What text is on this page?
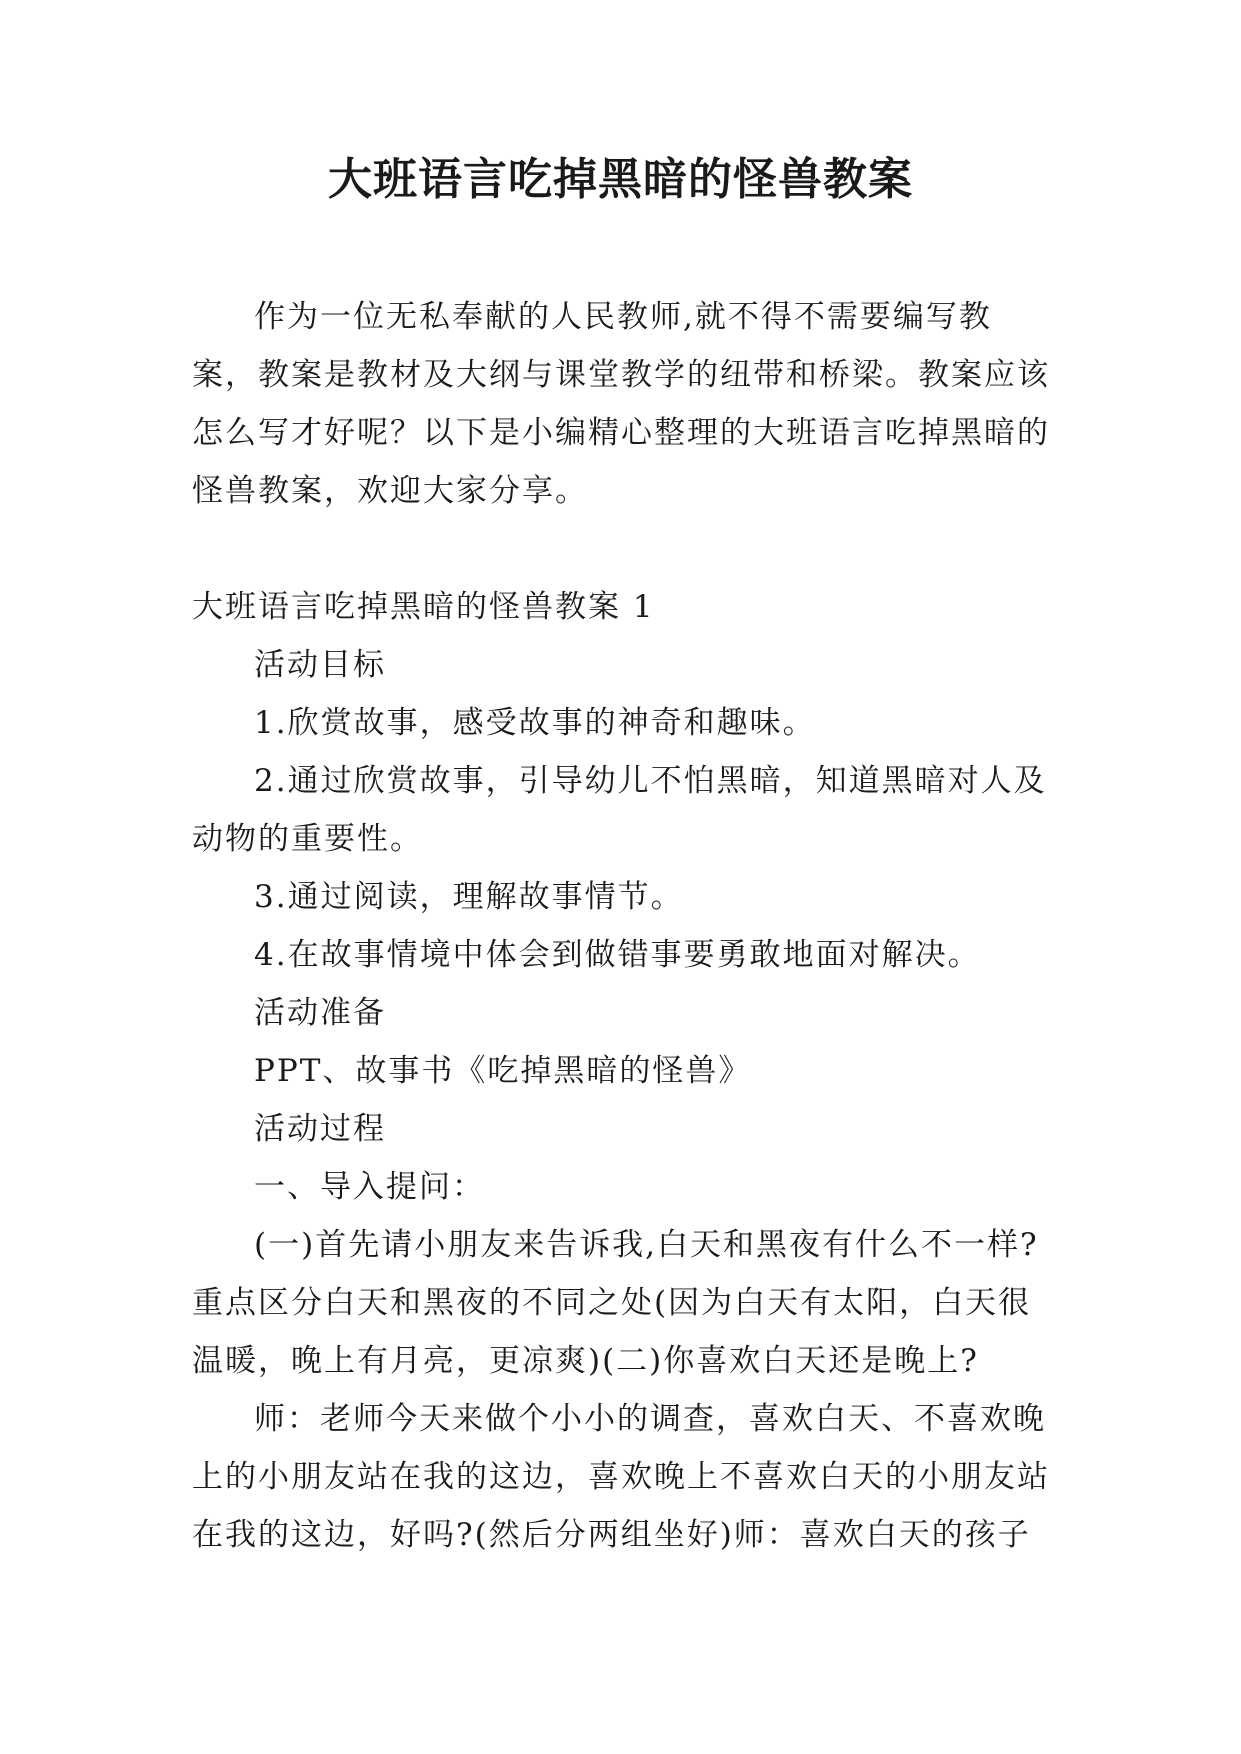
大班语言吃掉黑暗的怪兽教案

作为一位无私奉献的人民教师,就不得不需要编写教案，教案是教材及大纲与课堂教学的纽带和桥梁。教案应该怎么写才好呢？以下是小编精心整理的大班语言吃掉黑暗的怪兽教案，欢迎大家分享。

大班语言吃掉黑暗的怪兽教案 1

活动目标

1.欣赏故事，感受故事的神奇和趣味。

2.通过欣赏故事，引导幼儿不怕黑暗，知道黑暗对人及动物的重要性。

3.通过阅读，理解故事情节。

4.在故事情境中体会到做错事要勇敢地面对解决。

活动准备

PPT、故事书《吃掉黑暗的怪兽》

活动过程

一、导入提问：

(一)首先请小朋友来告诉我,白天和黑夜有什么不一样?重点区分白天和黑夜的不同之处(因为白天有太阳，白天很温暖，晚上有月亮，更凉爽)(二)你喜欢白天还是晚上?

师：老师今天来做个小小的调查，喜欢白天、不喜欢晚上的小朋友站在我的这边，喜欢晚上不喜欢白天的小朋友站在我的这边，好吗?(然后分两组坐好)师：喜欢白天的孩子
